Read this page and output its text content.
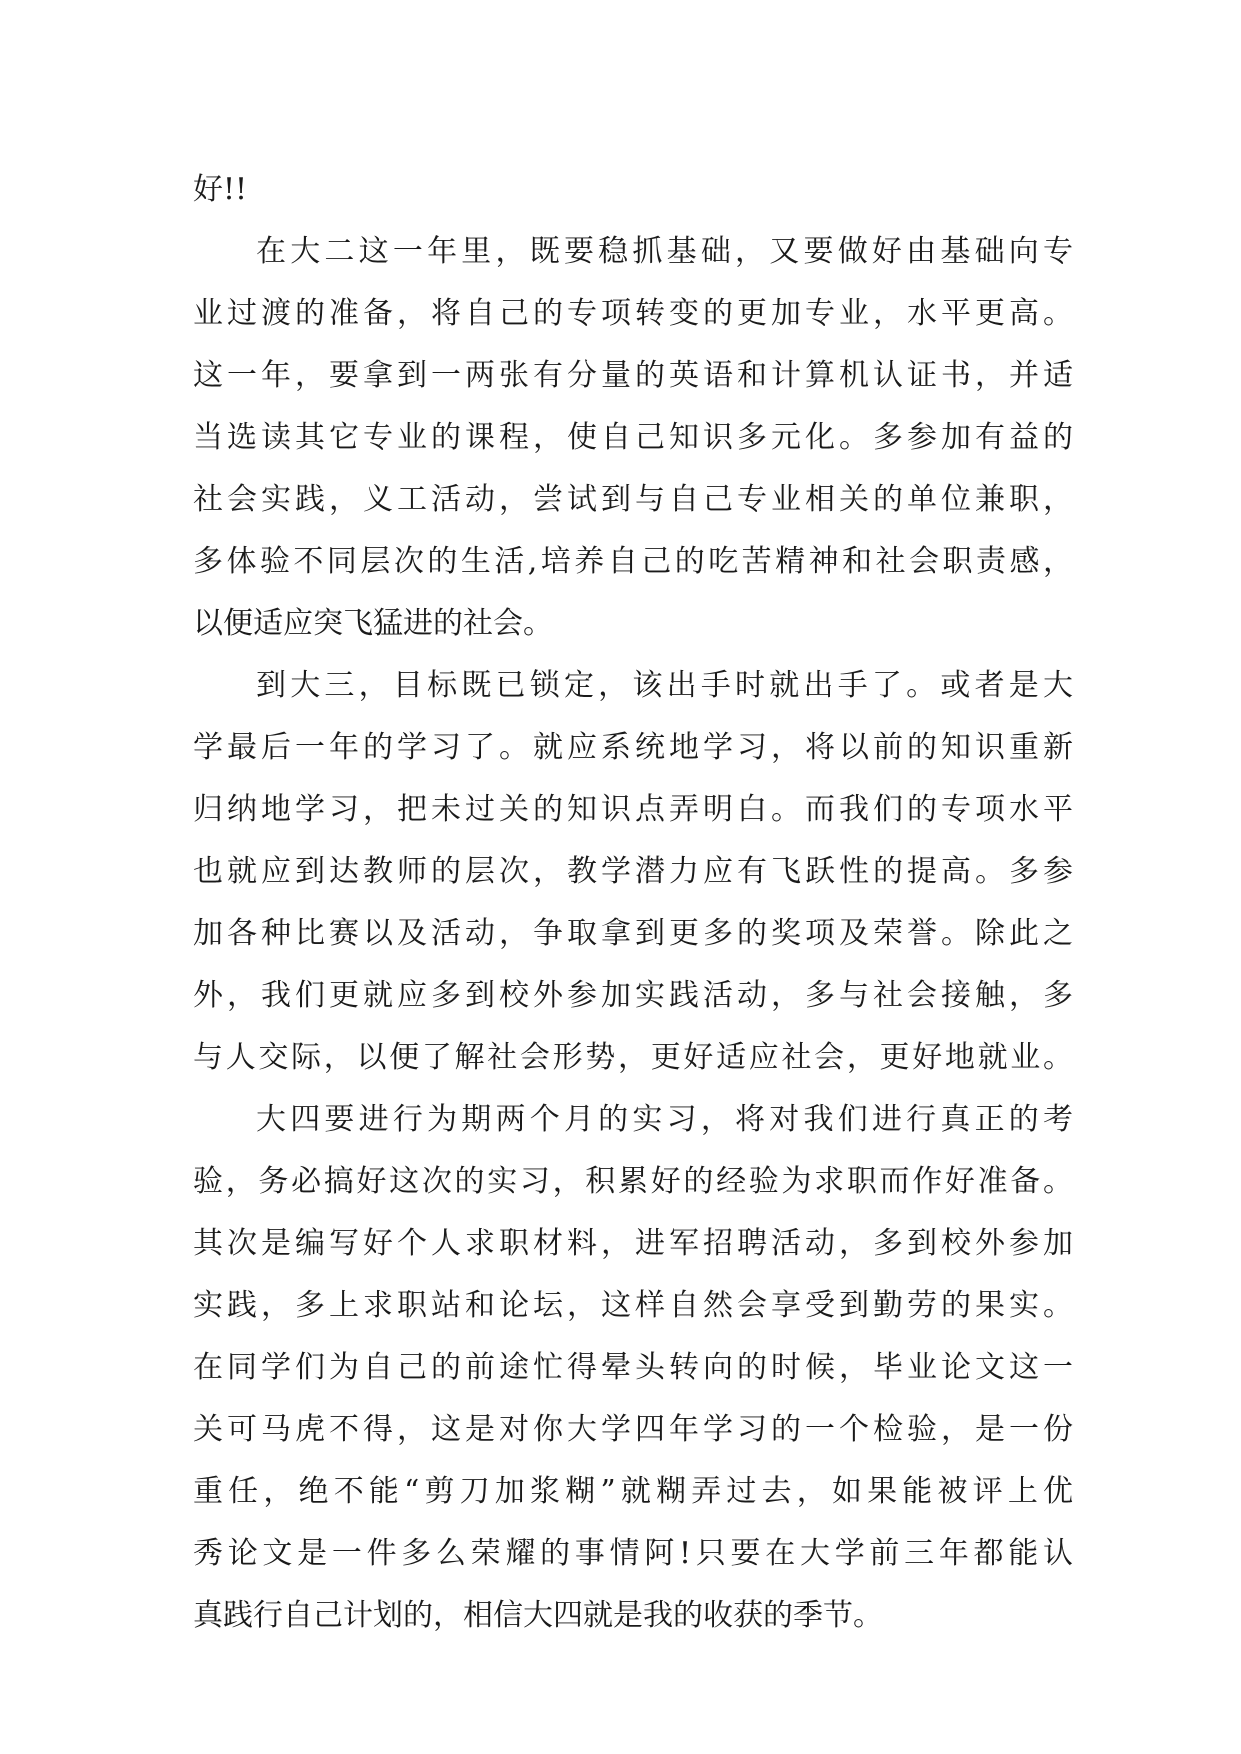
好!!
在大二这一年里，既要稳抓基础，又要做好由基础向专
业过渡的准备，将自己的专项转变的更加专业，水平更高。
这一年，要拿到一两张有分量的英语和计算机认证书，并适
当选读其它专业的课程，使自己知识多元化。多参加有益的
社会实践，义工活动，尝试到与自己专业相关的单位兼职，
多体验不同层次的生活,培养自己的吃苦精神和社会职责感，
以便适应突飞猛进的社会。
到大三，目标既已锁定，该出手时就出手了。或者是大
学最后一年的学习了。就应系统地学习，将以前的知识重新
归纳地学习，把未过关的知识点弄明白。而我们的专项水平
也就应到达教师的层次，教学潜力应有飞跃性的提高。多参
加各种比赛以及活动，争取拿到更多的奖项及荣誉。除此之
外，我们更就应多到校外参加实践活动，多与社会接触，多
与人交际，以便了解社会形势，更好适应社会，更好地就业。
大四要进行为期两个月的实习，将对我们进行真正的考
验，务必搞好这次的实习，积累好的经验为求职而作好准备。
其次是编写好个人求职材料，进军招聘活动，多到校外参加
实践，多上求职站和论坛，这样自然会享受到勤劳的果实。
在同学们为自己的前途忙得晕头转向的时候，毕业论文这一
关可马虎不得，这是对你大学四年学习的一个检验，是一份
重任，绝不能“剪刀加浆糊”就糊弄过去，如果能被评上优
秀论文是一件多么荣耀的事情阿!只要在大学前三年都能认
真践行自己计划的，相信大四就是我的收获的季节。
